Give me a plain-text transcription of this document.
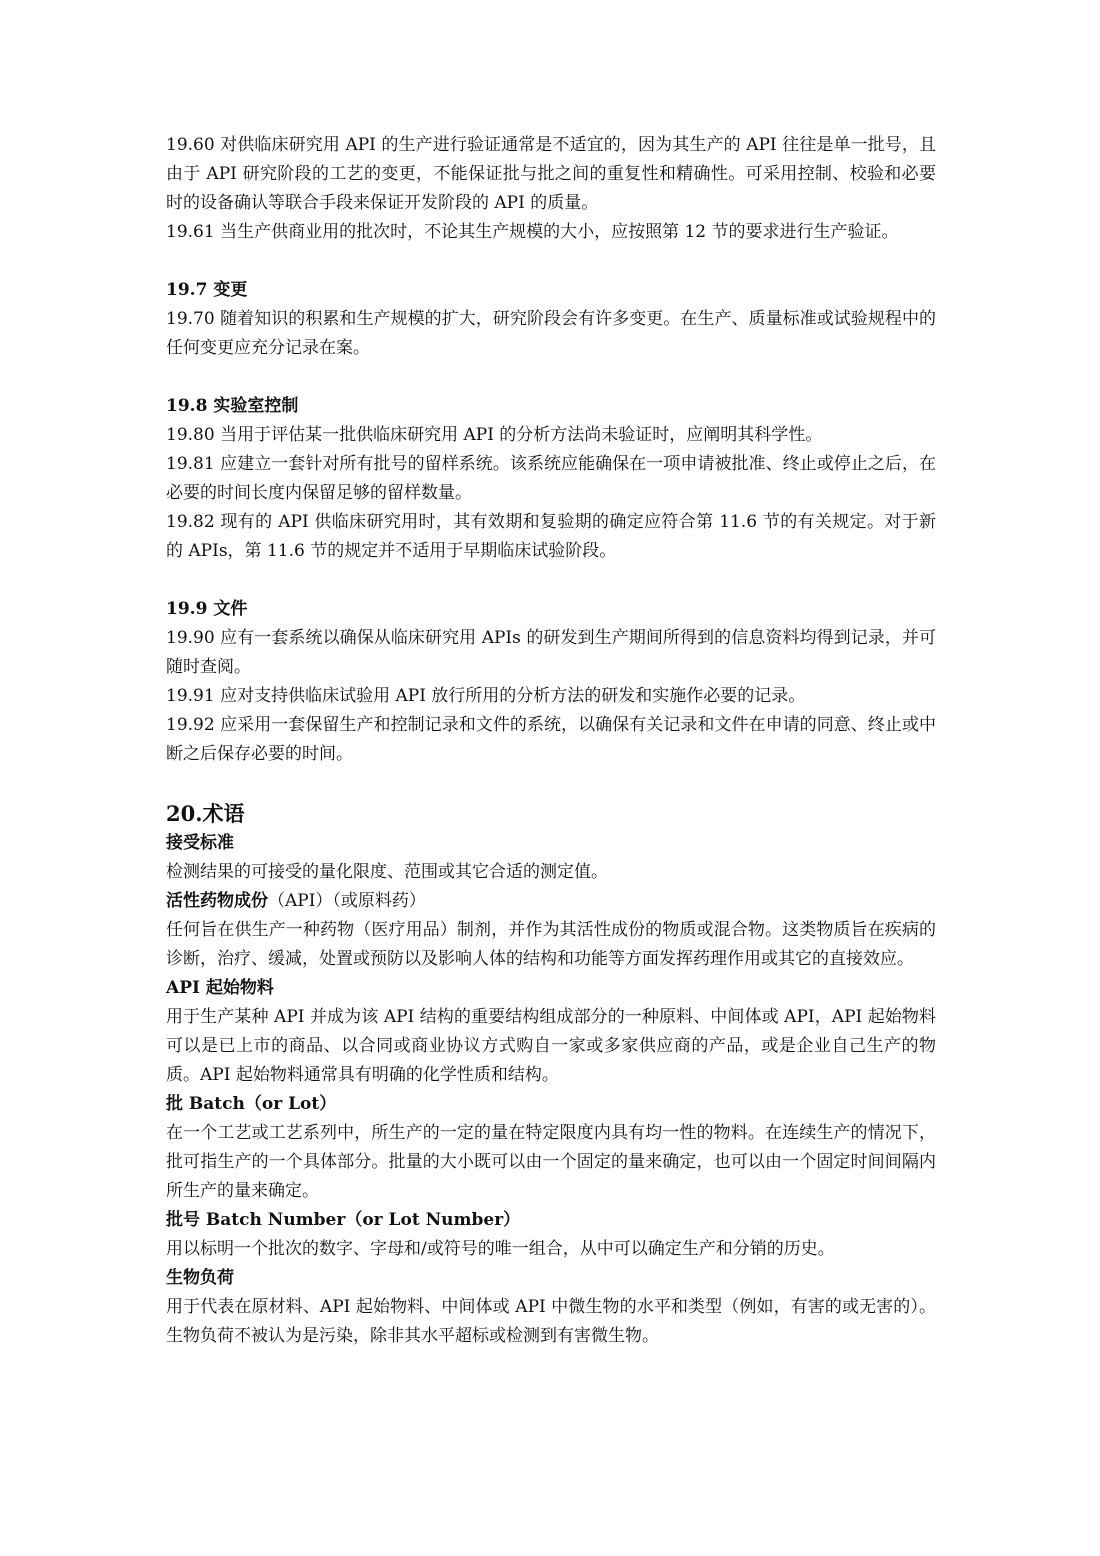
19.60 对供临床研究用 API 的生产进行验证通常是不适宜的，因为其生产的 API 往往是单一批号，且由于 API 研究阶段的工艺的变更，不能保证批与批之间的重复性和精确性。可采用控制、校验和必要时的设备确认等联合手段来保证开发阶段的 API 的质量。

19.61 当生产供商业用的批次时，不论其生产规模的大小，应按照第 12 节的要求进行生产验证。

19.7 变更

19.70 随着知识的积累和生产规模的扩大，研究阶段会有许多变更。在生产、质量标准或试验规程中的任何变更应充分记录在案。

19.8 实验室控制

19.80 当用于评估某一批供临床研究用 API 的分析方法尚未验证时，应阐明其科学性。

19.81 应建立一套针对所有批号的留样系统。该系统应能确保在一项申请被批准、终止或停止之后，在必要的时间长度内保留足够的留样数量。

19.82 现有的 API 供临床研究用时，其有效期和复验期的确定应符合第 11.6 节的有关规定。对于新的 APIs，第 11.6 节的规定并不适用于早期临床试验阶段。

19.9 文件

19.90 应有一套系统以确保从临床研究用 APIs 的研发到生产期间所得到的信息资料均得到记录，并可随时查阅。

19.91 应对支持供临床试验用 API 放行所用的分析方法的研发和实施作必要的记录。

19.92 应采用一套保留生产和控制记录和文件的系统，以确保有关记录和文件在申请的同意、终止或中断之后保存必要的时间。

20.术语

接受标准

检测结果的可接受的量化限度、范围或其它合适的测定值。

活性药物成份（API）（或原料药）

任何旨在供生产一种药物（医疗用品）制剂，并作为其活性成份的物质或混合物。这类物质旨在疾病的诊断，治疗、缓减，处置或预防以及影响人体的结构和功能等方面发挥药理作用或其它的直接效应。

API 起始物料

用于生产某种 API 并成为该 API 结构的重要结构组成部分的一种原料、中间体或 API，API 起始物料可以是已上市的商品、以合同或商业协议方式购自一家或多家供应商的产品，或是企业自己生产的物质。API 起始物料通常具有明确的化学性质和结构。

批 Batch（or Lot）

在一个工艺或工艺系列中，所生产的一定的量在特定限度内具有均一性的物料。在连续生产的情况下，批可指生产的一个具体部分。批量的大小既可以由一个固定的量来确定，也可以由一个固定时间间隔内所生产的量来确定。

批号 Batch Number（or Lot Number）

用以标明一个批次的数字、字母和/或符号的唯一组合，从中可以确定生产和分销的历史。

生物负荷

用于代表在原材料、API 起始物料、中间体或 API 中微生物的水平和类型（例如，有害的或无害的）。生物负荷不被认为是污染，除非其水平超标或检测到有害微生物。
